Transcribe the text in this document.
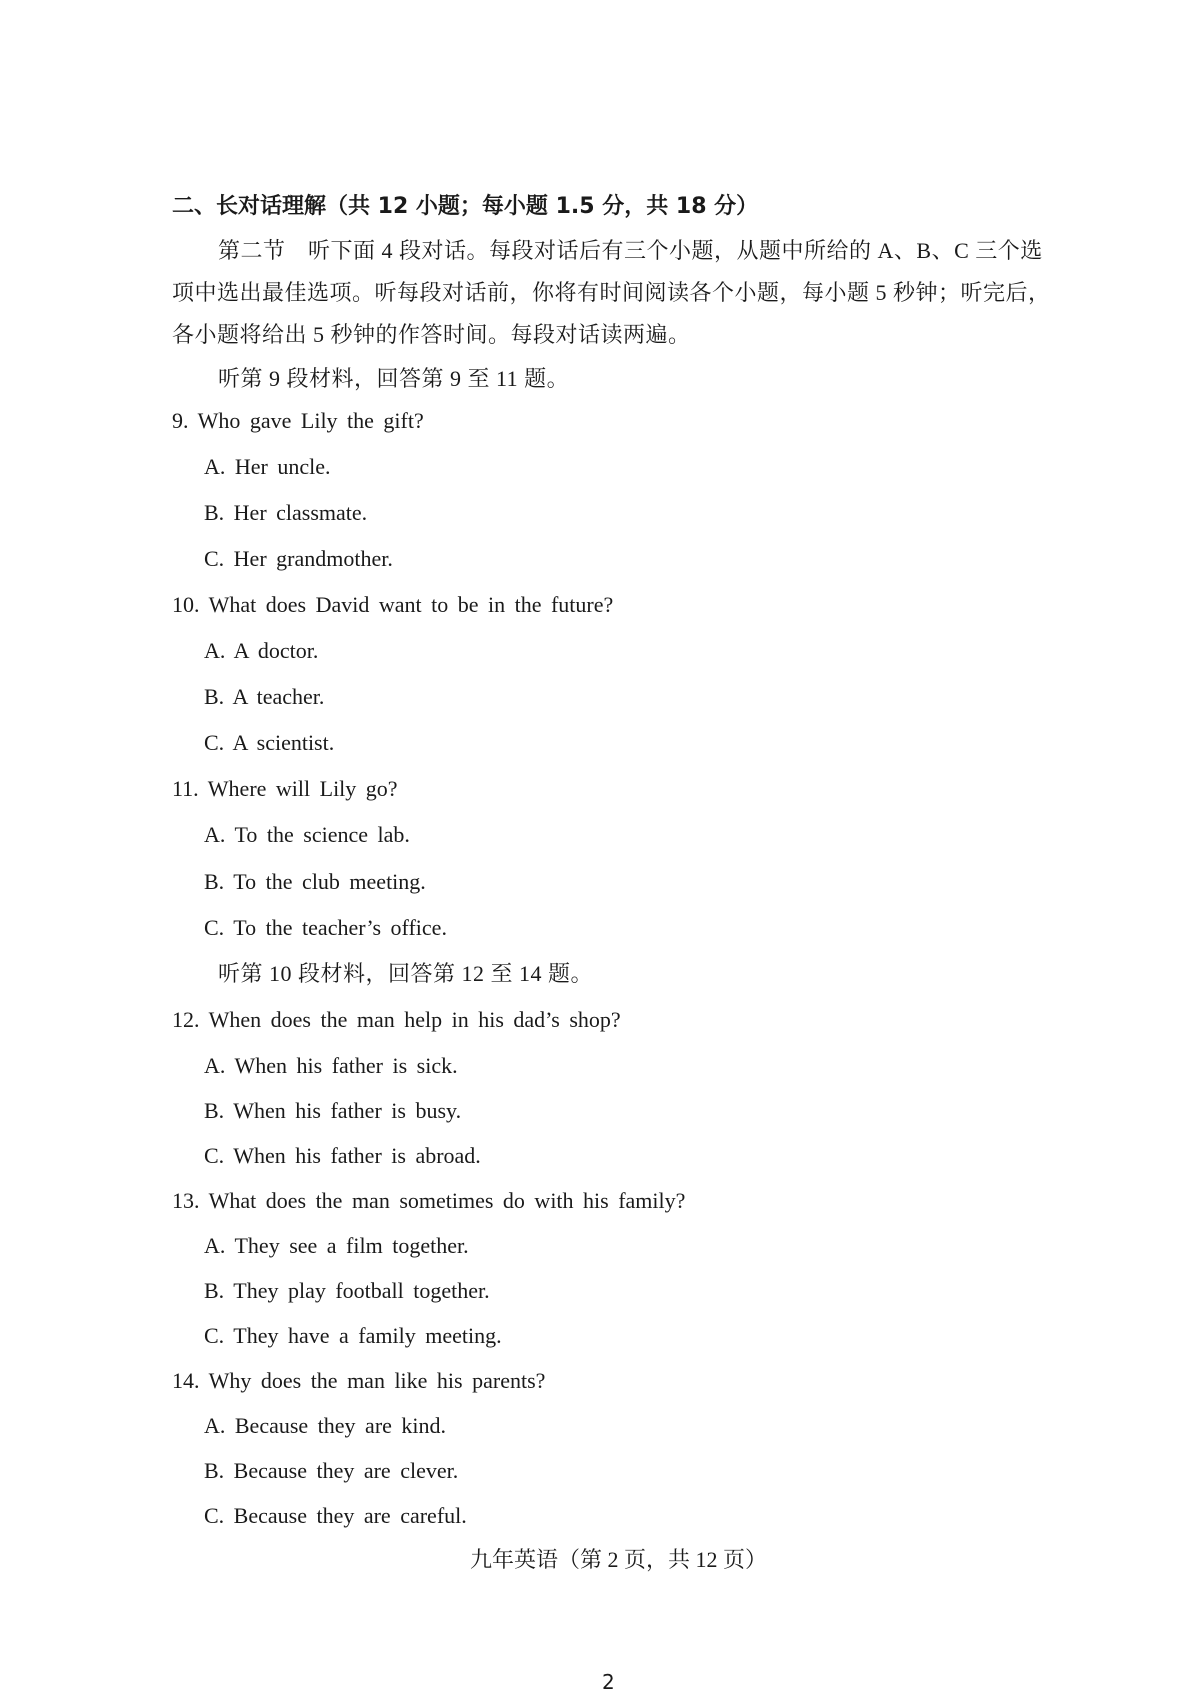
二、长对话理解（共 12 小题；每小题 1.5 分，共 18 分）
第二节　听下面 4 段对话。每段对话后有三个小题，从题中所给的 A、B、C 三个选
项中选出最佳选项。听每段对话前，你将有时间阅读各个小题，每小题 5 秒钟；听完后，
各小题将给出 5 秒钟的作答时间。每段对话读两遍。
听第 9 段材料，回答第 9 至 11 题。
9. Who gave Lily the gift?
A. Her uncle.
B. Her classmate.
C. Her grandmother.
10. What does David want to be in the future?
A. A doctor.
B. A teacher.
C. A scientist.
11. Where will Lily go?
A. To the science lab.
B. To the club meeting.
C. To the teacher’s office.
听第 10 段材料，回答第 12 至 14 题。
12. When does the man help in his dad’s shop?
A. When his father is sick.
B. When his father is busy.
C. When his father is abroad.
13. What does the man sometimes do with his family?
A. They see a film together.
B. They play football together.
C. They have a family meeting.
14. Why does the man like his parents?
A. Because they are kind.
B. Because they are clever.
C. Because they are careful.
九年英语（第 2 页，共 12 页）
2
